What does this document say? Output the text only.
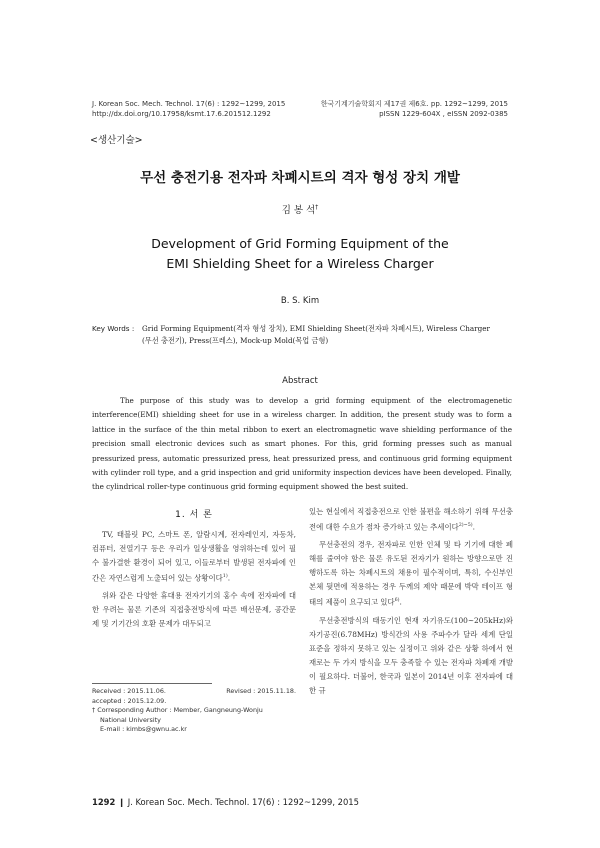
J. Korean Soc. Mech. Technol. 17(6) : 1292~1299, 2015
http://dx.doi.org/10.17958/ksmt.17.6.201512.1292
한국기계기술학회지 제17권 제6호. pp. 1292~1299, 2015
pISSN 1229-604X , eISSN 2092-0385
<생산기술>
무선 충전기용 전자파 차폐시트의 격자 형성 장치 개발
김 봉 석†
Development of Grid Forming Equipment of the
EMI Shielding Sheet for a Wireless Charger
B. S. Kim
Key Words : Grid Forming Equipment(격자 형성 장치), EMI Shielding Sheet(전자파 차폐시트), Wireless Charger
(무선 충전기), Press(프레스), Mock-up Mold(목업 금형)
Abstract

The purpose of this study was to develop a grid forming equipment of the electromagenetic interference(EMI) shielding sheet for use in a wireless charger. In addition, the present study was to form a lattice in the surface of the thin metal ribbon to exert an electromagnetic wave shielding performance of the precision small electronic devices such as smart phones. For this, grid forming presses such as manual pressurized press, automatic pressurized press, heat pressurized press, and continuous grid forming equipment with cylinder roll type, and a grid inspection and grid uniformity inspection devices have been developed. Finally, the cylindrical roller-type continuous grid forming equipment showed the best suited.

1. 서 론

TV, 태블릿 PC, 스마트 폰, 알람시계, 전자레인지, 자동차, 컴퓨터, 전열기구 등은 우리가 일상생활을 영위하는데 있어 필수 불가결한 환경이 되어 있고, 이들로부터 발생된 전자파에 인간은 자연스럽게 노출되어 있는 상황이다$^{1)}$.

위와 같은 다양한 휴대용 전자기기의 홍수 속에 전자파에 대한 우려는 물론 기존의 직접충전방식에 따른 배선문제, 공간문제 및 기기간의 호환 문제가 대두되고

있는 현실에서 직접충전으로 인한 불편을 해소하기 위해 무선충전에 대한 수요가 점차 증가하고 있는 추세이다$^{2)\sim 5)}$.

무선충전의 경우, 전자파로 인한 인체 및 타 기기에 대한 폐해를 줄여야 함은 물론 유도된 전자기가 원하는 방향으로만 진행하도록 하는 차폐시트의 채용이 필수적이며, 특히, 수신부인 본체 뒷면에 적용하는 경우 두께의 제약 때문에 박막 테이프 형태의 제품이 요구되고 있다$^{6)}$.

무선충전방식의 태동기인 현재 자기유도(100~205kHz)와 자기공진(6.78MHz) 방식간의 사용 주파수가 달라 세계 단일 표준을 정하지 못하고 있는 실정이고 위와 같은 상황 하에서 현재로는 두 가지 방식을 모두 충족할 수 있는 전자파 차폐재 개발이 필요하다. 더불어, 한국과 일본이 2014년 이후 전자파에 대한 규

Received : 2015.11.06.	Revised : 2015.11.18.
accepted : 2015.12.09.
† Corresponding Author : Member, Gangneung-Wonju
National University
E-mail : kimbs@gwnu.ac.kr
1292 ❙ J. Korean Soc. Mech. Technol. 17(6) : 1292~1299, 2015
